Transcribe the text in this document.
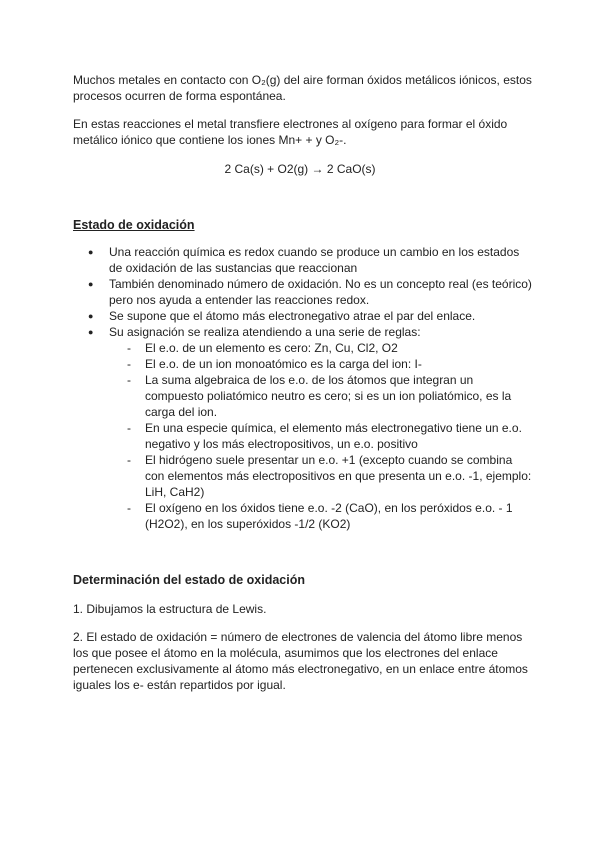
Muchos metales en contacto con O₂(g) del aire forman óxidos metálicos iónicos, estos procesos ocurren de forma espontánea.
En estas reacciones el metal transfiere electrones al oxígeno para formar el óxido metálico iónico que contiene los iones Mn+ + y O₂-.
2 Ca(s) + O2(g) → 2 CaO(s)
Estado de oxidación
● Una reacción química es redox cuando se produce un cambio en los estados de oxidación de las sustancias que reaccionan
● También denominado número de oxidación. No es un concepto real (es teórico) pero nos ayuda a entender las reacciones redox.
● Se supone que el átomo más electronegativo atrae el par del enlace.
● Su asignación se realiza atendiendo a una serie de reglas:
- El e.o. de un elemento es cero: Zn, Cu, Cl2, O2
- El e.o. de un ion monoatómico es la carga del ion: I-
- La suma algebraica de los e.o. de los átomos que integran un compuesto poliatómico neutro es cero; si es un ion poliatómico, es la carga del ion.
- En una especie química, el elemento más electronegativo tiene un e.o. negativo y los más electropositivos, un e.o. positivo
- El hidrógeno suele presentar un e.o. +1 (excepto cuando se combina con elementos más electropositivos en que presenta un e.o. -1, ejemplo: LiH, CaH2)
- El oxígeno en los óxidos tiene e.o. -2 (CaO), en los peróxidos e.o. - 1 (H2O2), en los superóxidos -1/2 (KO2)
Determinación del estado de oxidación
1. Dibujamos la estructura de Lewis.
2. El estado de oxidación = número de electrones de valencia del átomo libre menos los que posee el átomo en la molécula, asumimos que los electrones del enlace pertenecen exclusivamente al átomo más electronegativo, en un enlace entre átomos iguales los e- están repartidos por igual.
